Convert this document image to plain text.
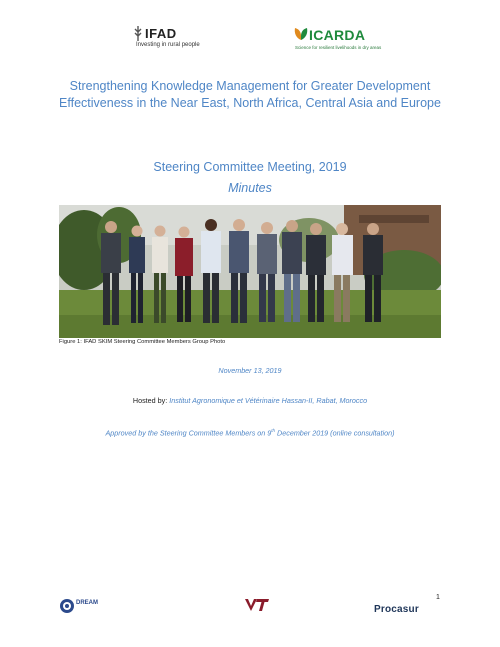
IFAD
Investing in rural people
ICARDA
Science for resilient livelihoods in dry areas
Strengthening Knowledge Management for Greater Development
Effectiveness in the Near East, North Africa, Central Asia and Europe
Steering Committee Meeting, 2019
Minutes
Figure 1: IFAD SKIM Steering Committee Members Group Photo
November 13, 2019
Hosted by: Institut Agronomique et Vétérinaire Hassan-II, Rabat, Morocco
Approved by the Steering Committee Members on 9th December 2019 (online consultation)
1
DREAM
Procasur
